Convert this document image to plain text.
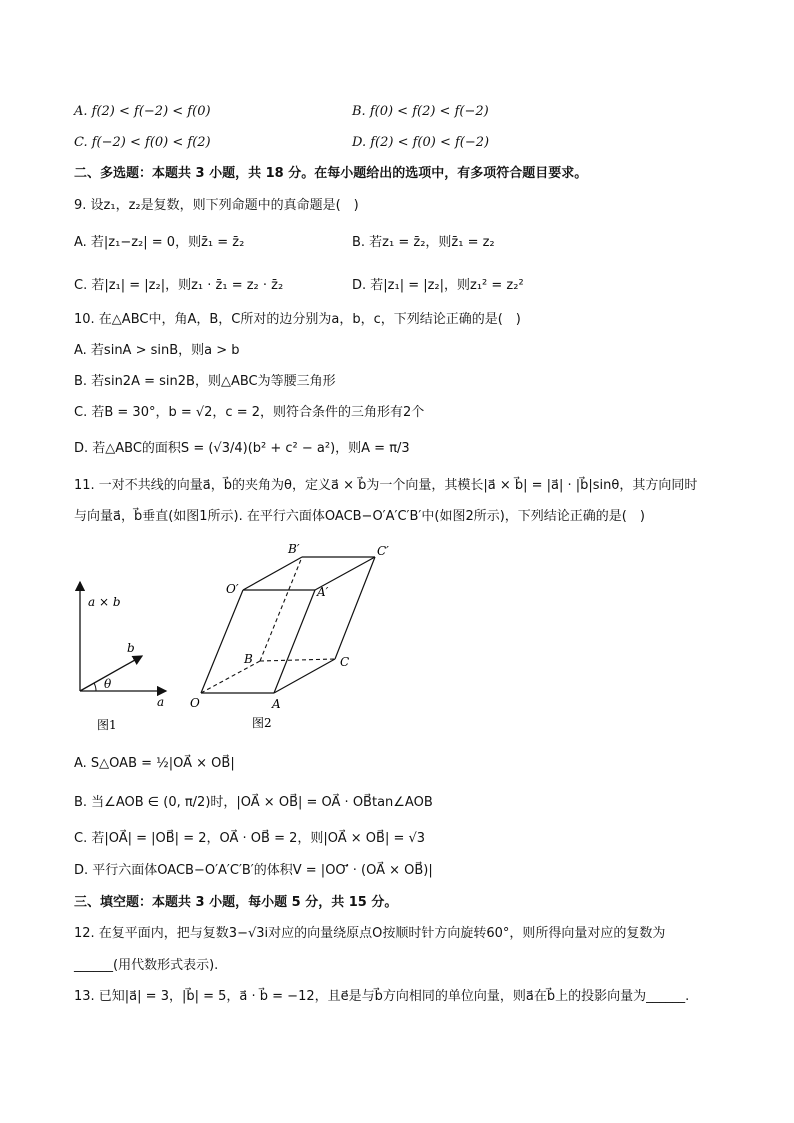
A. f(2) < f(−2) < f(0)	B. f(0) < f(2) < f(−2)
C. f(−2) < f(0) < f(2)	D. f(2) < f(0) < f(−2)
二、多选题：本题共 3 小题，共 18 分。在每小题给出的选项中，有多项符合题目要求。
9. 设z₁，z₂是复数，则下列命题中的真命题是(　)
A. 若|z₁−z₂| = 0，则z̄₁ = z̄₂	B. 若z₁ = z̄₂，则z̄₁ = z₂
C. 若|z₁| = |z₂|，则z₁ · z̄₁ = z₂ · z̄₂	D. 若|z₁| = |z₂|，则z₁² = z₂²
10. 在△ABC中，角A，B，C所对的边分别为a，b，c，下列结论正确的是(　)
A. 若sinA > sinB，则a > b
B. 若sin2A = sin2B，则△ABC为等腰三角形
C. 若B = 30°，b = √2，c = 2，则符合条件的三角形有2个
D. 若△ABC的面积S = (√3/4)(b² + c² − a²)，则A = π/3
11. 一对不共线的向量a⃗，b⃗的夹角为θ，定义a⃗ × b⃗为一个向量，其模长|a⃗ × b⃗| = |a⃗| · |b⃗|sinθ，其方向同时
与向量a⃗，b⃗垂直(如图1所示). 在平行六面体OACB−O′A′C′B′中(如图2所示)，下列结论正确的是(　)
a × b
b
θ
a
图1
B′	C′
O′	A′
B	C
O	A
图2
A. S△OAB = ½|OA⃗ × OB⃗|
B. 当∠AOB ∈ (0, π/2)时，|OA⃗ × OB⃗| = OA⃗ · OB⃗tan∠AOB
C. 若|OA⃗| = |OB⃗| = 2，OA⃗ · OB⃗ = 2，则|OA⃗ × OB⃗| = √3
D. 平行六面体OACB−O′A′C′B′的体积V = |OO′⃗ · (OA⃗ × OB⃗)|
三、填空题：本题共 3 小题，每小题 5 分，共 15 分。
12. 在复平面内，把与复数3−√3i对应的向量绕原点O按顺时针方向旋转60°，则所得向量对应的复数为
______(用代数形式表示).
13. 已知|a⃗| = 3，|b⃗| = 5，a⃗ · b⃗ = −12，且e⃗是与b⃗方向相同的单位向量，则a⃗在b⃗上的投影向量为______.
